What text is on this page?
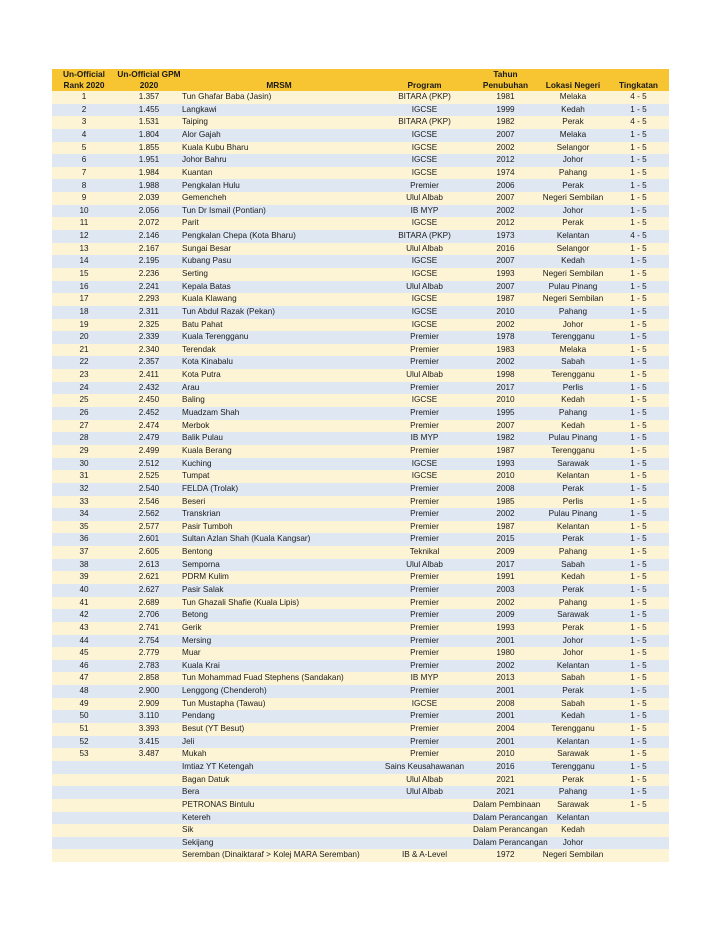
Un-Official Rank 2020	Un-Official GPM 2020	MRSM	Program	Tahun Penubuhan	Lokasi Negeri	Tingkatan
1	1.357	Tun Ghafar Baba (Jasin)	BITARA (PKP)	1981	Melaka	4 - 5
2	1.455	Langkawi	IGCSE	1999	Kedah	1 - 5
3	1.531	Taiping	BITARA (PKP)	1982	Perak	4 - 5
4	1.804	Alor Gajah	IGCSE	2007	Melaka	1 - 5
5	1.855	Kuala Kubu Bharu	IGCSE	2002	Selangor	1 - 5
6	1.951	Johor Bahru	IGCSE	2012	Johor	1 - 5
7	1.984	Kuantan	IGCSE	1974	Pahang	1 - 5
8	1.988	Pengkalan Hulu	Premier	2006	Perak	1 - 5
9	2.039	Gemencheh	Ulul Albab	2007	Negeri Sembilan	1 - 5
10	2.056	Tun Dr Ismail (Pontian)	IB MYP	2002	Johor	1 - 5
11	2.072	Parit	IGCSE	2012	Perak	1 - 5
12	2.146	Pengkalan Chepa (Kota Bharu)	BITARA (PKP)	1973	Kelantan	4 - 5
13	2.167	Sungai Besar	Ulul Albab	2016	Selangor	1 - 5
14	2.195	Kubang Pasu	IGCSE	2007	Kedah	1 - 5
15	2.236	Serting	IGCSE	1993	Negeri Sembilan	1 - 5
16	2.241	Kepala Batas	Ulul Albab	2007	Pulau Pinang	1 - 5
17	2.293	Kuala Klawang	IGCSE	1987	Negeri Sembilan	1 - 5
18	2.311	Tun Abdul Razak (Pekan)	IGCSE	2010	Pahang	1 - 5
19	2.325	Batu Pahat	IGCSE	2002	Johor	1 - 5
20	2.339	Kuala Terengganu	Premier	1978	Terengganu	1 - 5
21	2.340	Terendak	Premier	1983	Melaka	1 - 5
22	2.357	Kota Kinabalu	Premier	2002	Sabah	1 - 5
23	2.411	Kota Putra	Ulul Albab	1998	Terengganu	1 - 5
24	2.432	Arau	Premier	2017	Perlis	1 - 5
25	2.450	Baling	IGCSE	2010	Kedah	1 - 5
26	2.452	Muadzam Shah	Premier	1995	Pahang	1 - 5
27	2.474	Merbok	Premier	2007	Kedah	1 - 5
28	2.479	Balik Pulau	IB MYP	1982	Pulau Pinang	1 - 5
29	2.499	Kuala Berang	Premier	1987	Terengganu	1 - 5
30	2.512	Kuching	IGCSE	1993	Sarawak	1 - 5
31	2.525	Tumpat	IGCSE	2010	Kelantan	1 - 5
32	2.540	FELDA (Trolak)	Premier	2008	Perak	1 - 5
33	2.546	Beseri	Premier	1985	Perlis	1 - 5
34	2.562	Transkrian	Premier	2002	Pulau Pinang	1 - 5
35	2.577	Pasir Tumboh	Premier	1987	Kelantan	1 - 5
36	2.601	Sultan Azlan Shah (Kuala Kangsar)	Premier	2015	Perak	1 - 5
37	2.605	Bentong	Teknikal	2009	Pahang	1 - 5
38	2.613	Semporna	Ulul Albab	2017	Sabah	1 - 5
39	2.621	PDRM Kulim	Premier	1991	Kedah	1 - 5
40	2.627	Pasir Salak	Premier	2003	Perak	1 - 5
41	2.689	Tun Ghazali Shafie (Kuala Lipis)	Premier	2002	Pahang	1 - 5
42	2.706	Betong	Premier	2009	Sarawak	1 - 5
43	2.741	Gerik	Premier	1993	Perak	1 - 5
44	2.754	Mersing	Premier	2001	Johor	1 - 5
45	2.779	Muar	Premier	1980	Johor	1 - 5
46	2.783	Kuala Krai	Premier	2002	Kelantan	1 - 5
47	2.858	Tun Mohammad Fuad Stephens (Sandakan)	IB MYP	2013	Sabah	1 - 5
48	2.900	Lenggong (Chenderoh)	Premier	2001	Perak	1 - 5
49	2.909	Tun Mustapha (Tawau)	IGCSE	2008	Sabah	1 - 5
50	3.110	Pendang	Premier	2001	Kedah	1 - 5
51	3.393	Besut (YT Besut)	Premier	2004	Terengganu	1 - 5
52	3.415	Jeli	Premier	2001	Kelantan	1 - 5
53	3.487	Mukah	Premier	2010	Sarawak	1 - 5
		Imtiaz YT Ketengah	Sains Keusahawanan	2016	Terengganu	1 - 5
		Bagan Datuk	Ulul Albab	2021	Perak	1 - 5
		Bera	Ulul Albab	2021	Pahang	1 - 5
		PETRONAS Bintulu		Dalam Pembinaan	Sarawak	1 - 5
		Ketereh		Dalam Perancangan	Kelantan	
		Sik		Dalam Perancangan	Kedah	
		Sekijang		Dalam Perancangan	Johor	
		Seremban (Dinaiktaraf > Kolej MARA Seremban)	IB & A-Level	1972	Negeri Sembilan	
